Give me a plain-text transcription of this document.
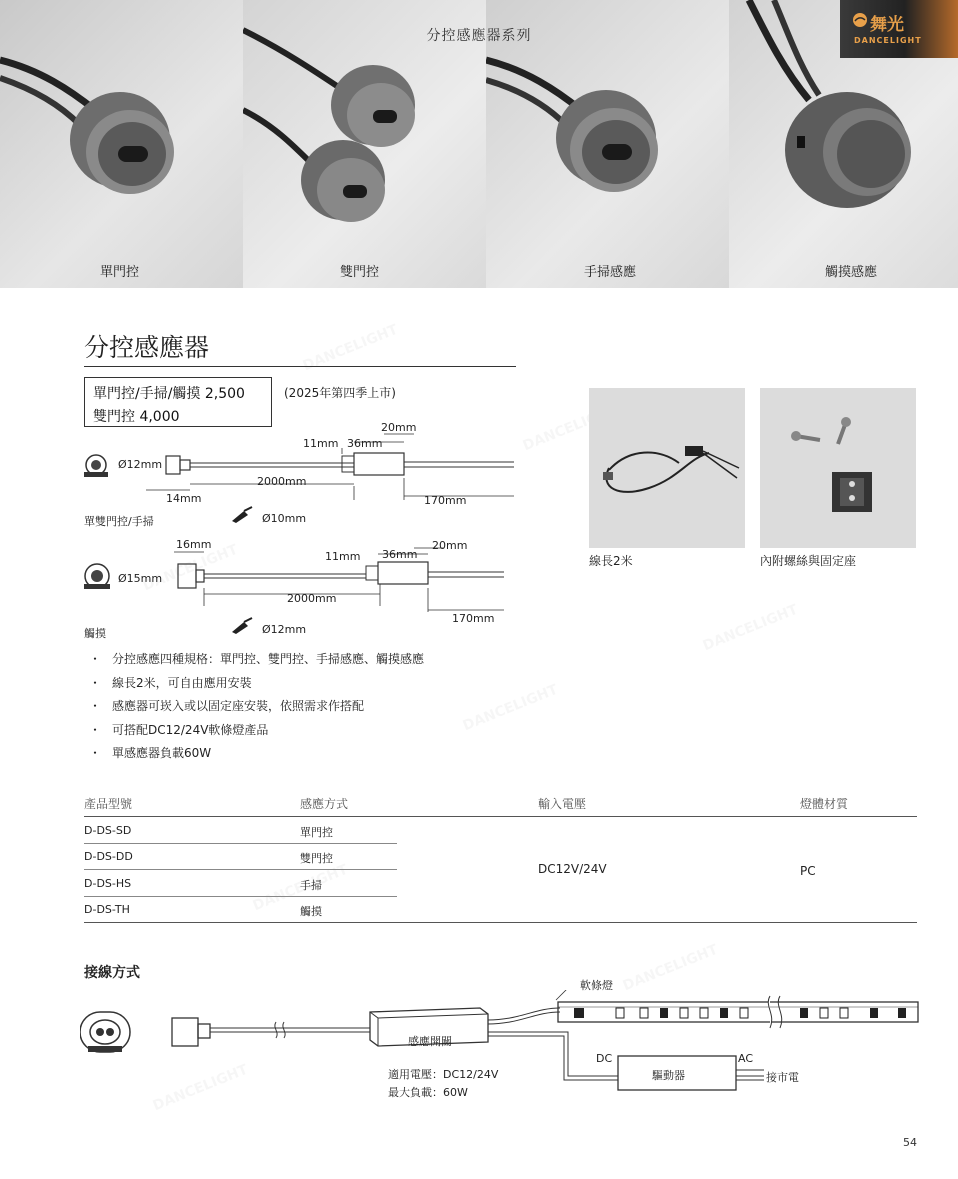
單門控	雙門控	手掃感應	觸摸感應
分控感應器系列
舞光
DANCELIGHT
分控感應器
單門控/手掃/觸摸 2,500
雙門控 4,000
(2025年第四季上市)
Ø12mm
11mm 36mm
20mm
14mm
2000mm
170mm
單雙門控/手掃	Ø10mm
Ø15mm
16mm
11mm 36mm
20mm
2000mm
170mm
觸摸	Ø12mm
・ 分控感應四種規格：單門控、雙門控、手掃感應、觸摸感應
・ 線長2米，可自由應用安裝
・ 感應器可崁入或以固定座安裝，依照需求作搭配
・ 可搭配DC12/24V軟條燈產品
・ 單感應器負載60W
線長2米	內附螺絲與固定座
產品型號	感應方式	輸入電壓	燈體材質
D-DS-SD	單門控
D-DS-DD	雙門控
D-DS-HS	手掃
D-DS-TH	觸摸
DC12V/24V	PC
接線方式
軟條燈
感應開關
適用電壓：DC12/24V
最大負載：60W
DC	AC
驅動器	接市電
54
